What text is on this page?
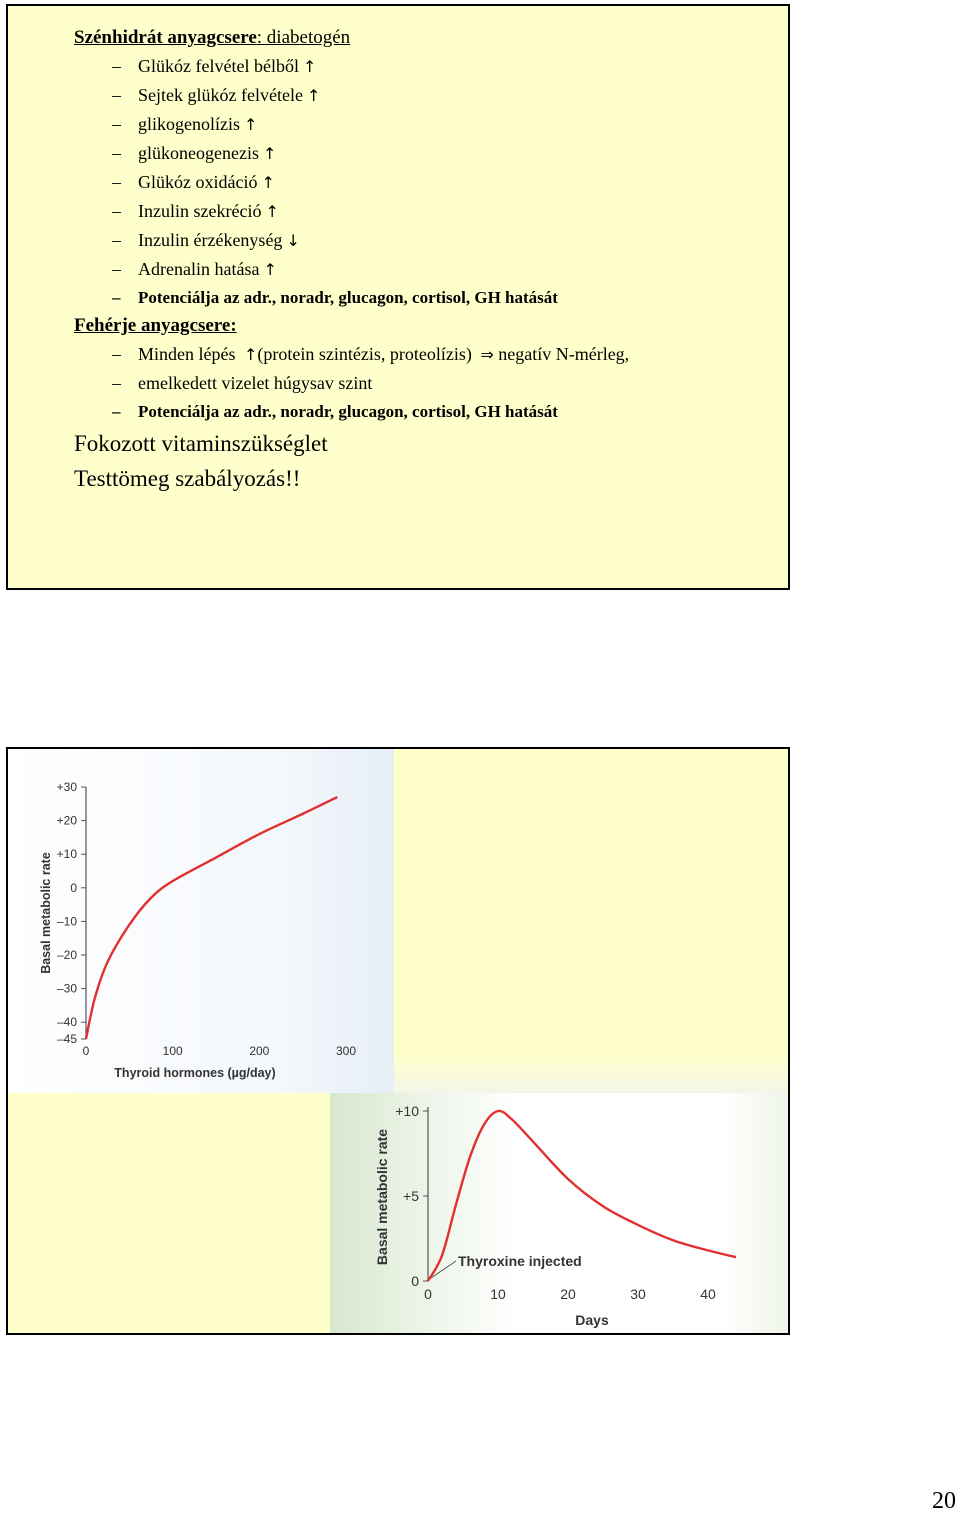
Szénhidrát anyagcsere: diabetogén
– Glükóz felvétel bélből ↑
– Sejtek glükóz felvétele ↑
– glikogenolízis ↑
– glükoneogenezis ↑
– Glükóz oxidáció ↑
– Inzulin szekréció ↑
– Inzulin érzékenység ↓
– Adrenalin hatása ↑
– Potenciálja az adr., noradr, glucagon, cortisol, GH hatását
Fehérje anyagcsere:
– Minden lépés ↑(protein szintézis, proteolízis) ⇒ negatív N-mérleg,
– emelkedett vizelet húgysav szint
– Potenciálja az adr., noradr, glucagon, cortisol, GH hatását
Fokozott vitaminszükséglet
Testtömeg szabályozás!!
+30
+20
+10
0
–10
–20
–30
–40
–45
0	100	200	300
Thyroid hormones (µg/day)
Basal metabolic rate
+10
+5
0
0	10	20	30	40
Days
Basal metabolic rate	Thyroxine injected
20
